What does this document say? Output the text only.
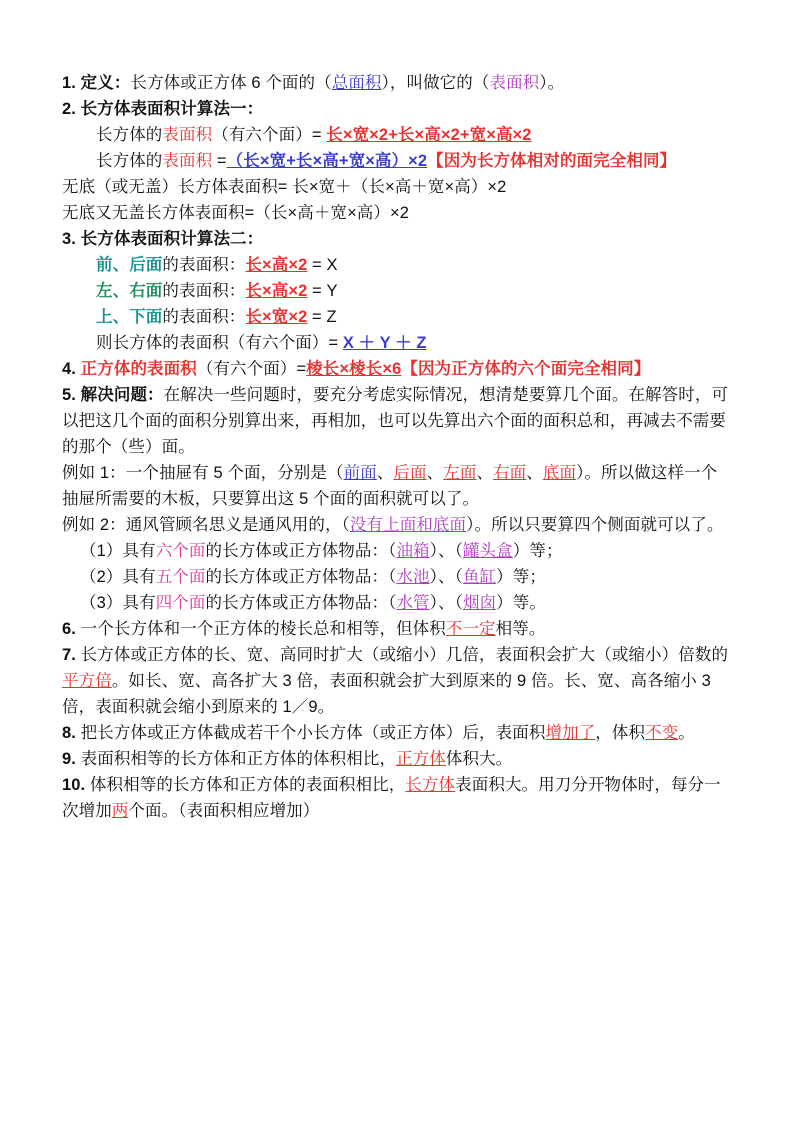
1. 定义：长方体或正方体 6 个面的（总面积），叫做它的（表面积）。

2. 长方体表面积计算法一：

长方体的表面积（有六个面）= 长×宽×2+长×高×2+宽×高×2

长方体的表面积 =（长×宽+长×高+宽×高）×2【因为长方体相对的面完全相同】

无底（或无盖）长方体表面积= 长×宽＋（长×高＋宽×高）×2

无底又无盖长方体表面积=（长×高＋宽×高）×2

3. 长方体表面积计算法二：

前、后面的表面积：长×高×2 = X

左、右面的表面积：长×高×2 = Y

上、下面的表面积：长×宽×2 = Z

则长方体的表面积（有六个面）= X ＋ Y ＋ Z

4. 正方体的表面积（有六个面）=棱长×棱长×6【因为正方体的六个面完全相同】

5. 解决问题：在解决一些问题时，要充分考虑实际情况，想清楚要算几个面。在解答时，可以把这几个面的面积分别算出来，再相加，也可以先算出六个面的面积总和，再减去不需要的那个（些）面。

例如 1：一个抽屉有 5 个面，分别是（前面、后面、左面、右面、底面）。所以做这样一个抽屉所需要的木板，只要算出这 5 个面的面积就可以了。

例如 2：通风管顾名思义是通风用的，（没有上面和底面）。所以只要算四个侧面就可以了。

（1）具有六个面的长方体或正方体物品：（油箱）、（罐头盒）等；

（2）具有五个面的长方体或正方体物品：（水池）、（鱼缸）等；

（3）具有四个面的长方体或正方体物品：（水管）、（烟囱）等。

6. 一个长方体和一个正方体的棱长总和相等，但体积不一定相等。

7. 长方体或正方体的长、宽、高同时扩大（或缩小）几倍，表面积会扩大（或缩小）倍数的平方倍。如长、宽、高各扩大 3 倍，表面积就会扩大到原来的 9 倍。长、宽、高各缩小 3 倍，表面积就会缩小到原来的 1／9。

8. 把长方体或正方体截成若干个小长方体（或正方体）后，表面积增加了，体积不变。

9. 表面积相等的长方体和正方体的体积相比，正方体体积大。

10. 体积相等的长方体和正方体的表面积相比，长方体表面积大。用刀分开物体时，每分一次增加两个面。（表面积相应增加）
